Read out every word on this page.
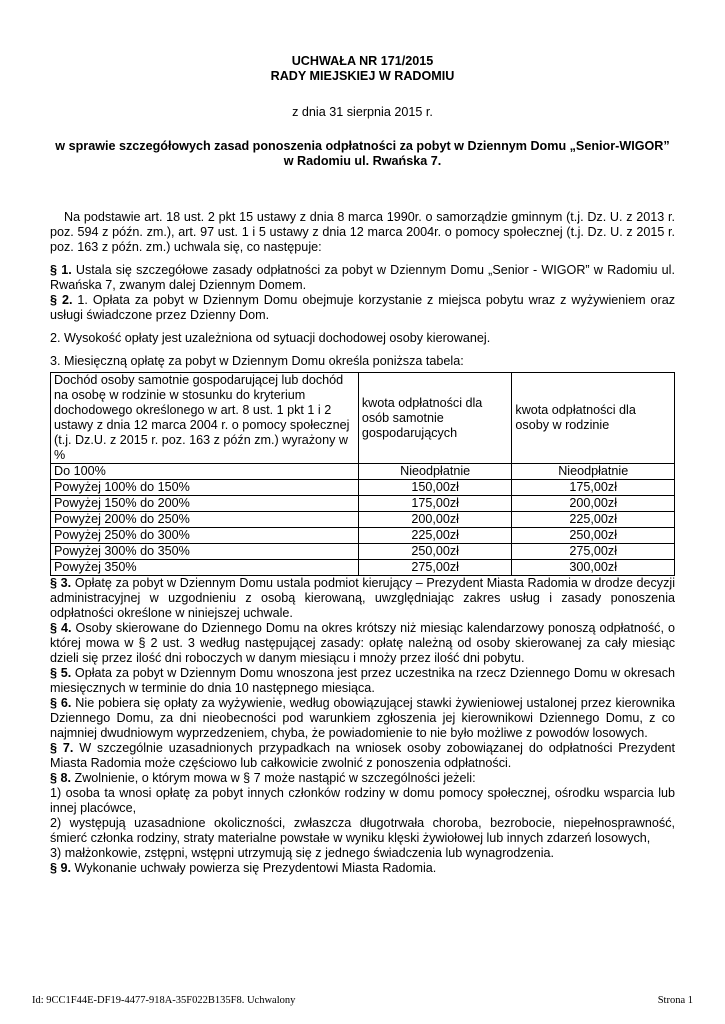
UCHWAŁA NR 171/2015
RADY MIEJSKIEJ W RADOMIU
z dnia 31 sierpnia 2015 r.
w sprawie szczegółowych zasad ponoszenia odpłatności za pobyt w Dziennym Domu „Senior-WIGOR” w Radomiu ul. Rwańska 7.

Na podstawie art. 18 ust. 2 pkt 15 ustawy z dnia 8 marca 1990r. o samorządzie gminnym (t.j. Dz. U. z 2013 r. poz. 594 z późn. zm.), art. 97 ust. 1 i 5 ustawy z dnia 12 marca 2004r. o pomocy społecznej (t.j. Dz. U. z 2015 r. poz. 163 z późn. zm.) uchwala się, co następuje:

§ 1. Ustala się szczegółowe zasady odpłatności za pobyt w Dziennym Domu „Senior - WIGOR” w Radomiu ul. Rwańska 7, zwanym dalej Dziennym Domem.

§ 2. 1. Opłata za pobyt w Dziennym Domu obejmuje korzystanie z miejsca pobytu wraz z wyżywieniem oraz usługi świadczone przez Dzienny Dom.

2. Wysokość opłaty jest uzależniona od sytuacji dochodowej osoby kierowanej.

3. Miesięczną opłatę za pobyt w Dziennym Domu określa poniższa tabela:

Dochód osoby samotnie gospodarującej lub dochód na osobę w rodzinie w stosunku do kryterium dochodowego określonego w art. 8 ust. 1 pkt 1 i 2 ustawy z dnia 12 marca 2004 r. o pomocy społecznej (t.j. Dz.U. z 2015 r. poz. 163 z późn zm.) wyrażony w %	kwota odpłatności dla osób samotnie gospodarujących	kwota odpłatności dla osoby w rodzinie
Do 100%	Nieodpłatnie	Nieodpłatnie
Powyżej 100% do 150%	150,00zł	175,00zł
Powyżej 150% do 200%	175,00zł	200,00zł
Powyżej 200% do 250%	200,00zł	225,00zł
Powyżej 250% do 300%	225,00zł	250,00zł
Powyżej 300% do 350%	250,00zł	275,00zł
Powyżej 350%	275,00zł	300,00zł

§ 3. Opłatę za pobyt w Dziennym Domu ustala podmiot kierujący – Prezydent Miasta Radomia w drodze decyzji administracyjnej w uzgodnieniu z osobą kierowaną, uwzględniając zakres usług i zasady ponoszenia odpłatności określone w niniejszej uchwale.

§ 4. Osoby skierowane do Dziennego Domu na okres krótszy niż miesiąc kalendarzowy ponoszą odpłatność, o której mowa w § 2 ust. 3 według następującej zasady: opłatę należną od osoby skierowanej za cały miesiąc dzieli się przez ilość dni roboczych w danym miesiącu i mnoży przez ilość dni pobytu.

§ 5. Opłata za pobyt w Dziennym Domu wnoszona jest przez uczestnika na rzecz Dziennego Domu w okresach miesięcznych w terminie do dnia 10 następnego miesiąca.

§ 6. Nie pobiera się opłaty za wyżywienie, według obowiązującej stawki żywieniowej ustalonej przez kierownika Dziennego Domu, za dni nieobecności pod warunkiem zgłoszenia jej kierownikowi Dziennego Domu, z co najmniej dwudniowym wyprzedzeniem, chyba, że powiadomienie to nie było możliwe z powodów losowych.

§ 7. W szczególnie uzasadnionych przypadkach na wniosek osoby zobowiązanej do odpłatności Prezydent Miasta Radomia może częściowo lub całkowicie zwolnić z ponoszenia odpłatności.

§ 8. Zwolnienie, o którym mowa w § 7 może nastąpić w szczególności jeżeli:

1) osoba ta wnosi opłatę za pobyt innych członków rodziny w domu pomocy społecznej, ośrodku wsparcia lub innej placówce,

2) występują uzasadnione okoliczności, zwłaszcza długotrwała choroba, bezrobocie, niepełnosprawność, śmierć członka rodziny, straty materialne powstałe w wyniku klęski żywiołowej lub innych zdarzeń losowych,

3) małżonkowie, zstępni, wstępni utrzymują się z jednego świadczenia lub wynagrodzenia.

§ 9. Wykonanie uchwały powierza się Prezydentowi Miasta Radomia.

Id: 9CC1F44E-DF19-4477-918A-35F022B135F8. Uchwalony	Strona 1
